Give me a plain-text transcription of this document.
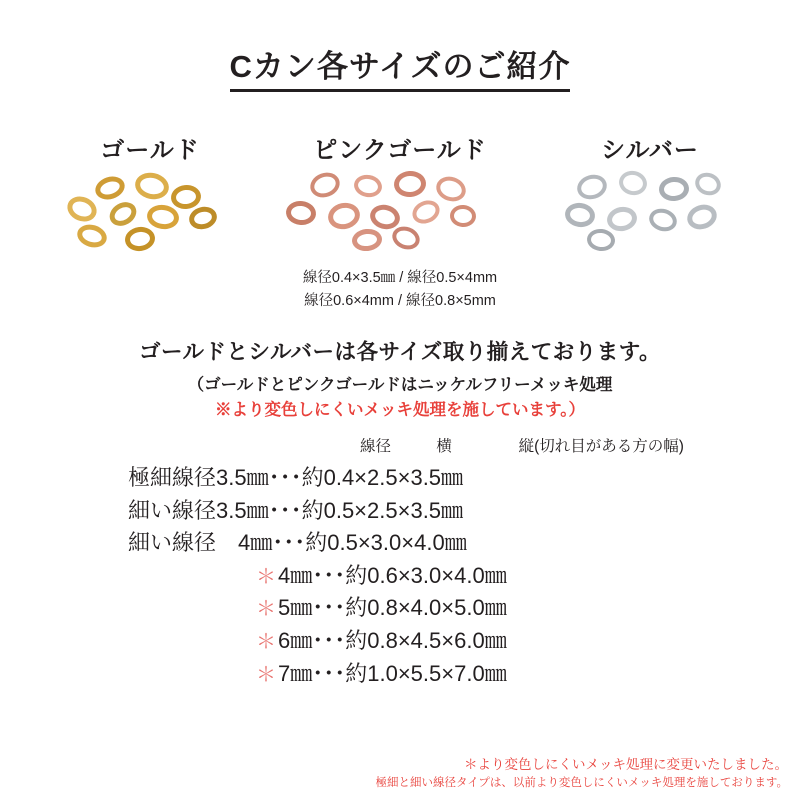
Cカン各サイズのご紹介
ゴールド	ピンクゴールド	シルバー
線径0.4×3.5㎜ / 線径0.5×4mm
線径0.6×4mm / 線径0.8×5mm
ゴールドとシルバーは各サイズ取り揃えております。
（ゴールドとピンクゴールドはニッケルフリーメッキ処理
※より変色しにくいメッキ処理を施しています。）
線径	横	縦(切れ目がある方の幅)
極細線径3.5㎜･･･約0.4×2.5×3.5㎜
細い線径3.5㎜･･･約0.5×2.5×3.5㎜
細い線径　4㎜･･･約0.5×3.0×4.0㎜
＊4㎜･･･約0.6×3.0×4.0㎜
＊5㎜･･･約0.8×4.0×5.0㎜
＊6㎜･･･約0.8×4.5×6.0㎜
＊7㎜･･･約1.0×5.5×7.0㎜
＊より変色しにくいメッキ処理に変更いたしました。
極細と細い線径タイプは、以前より変色しにくいメッキ処理を施しております。
